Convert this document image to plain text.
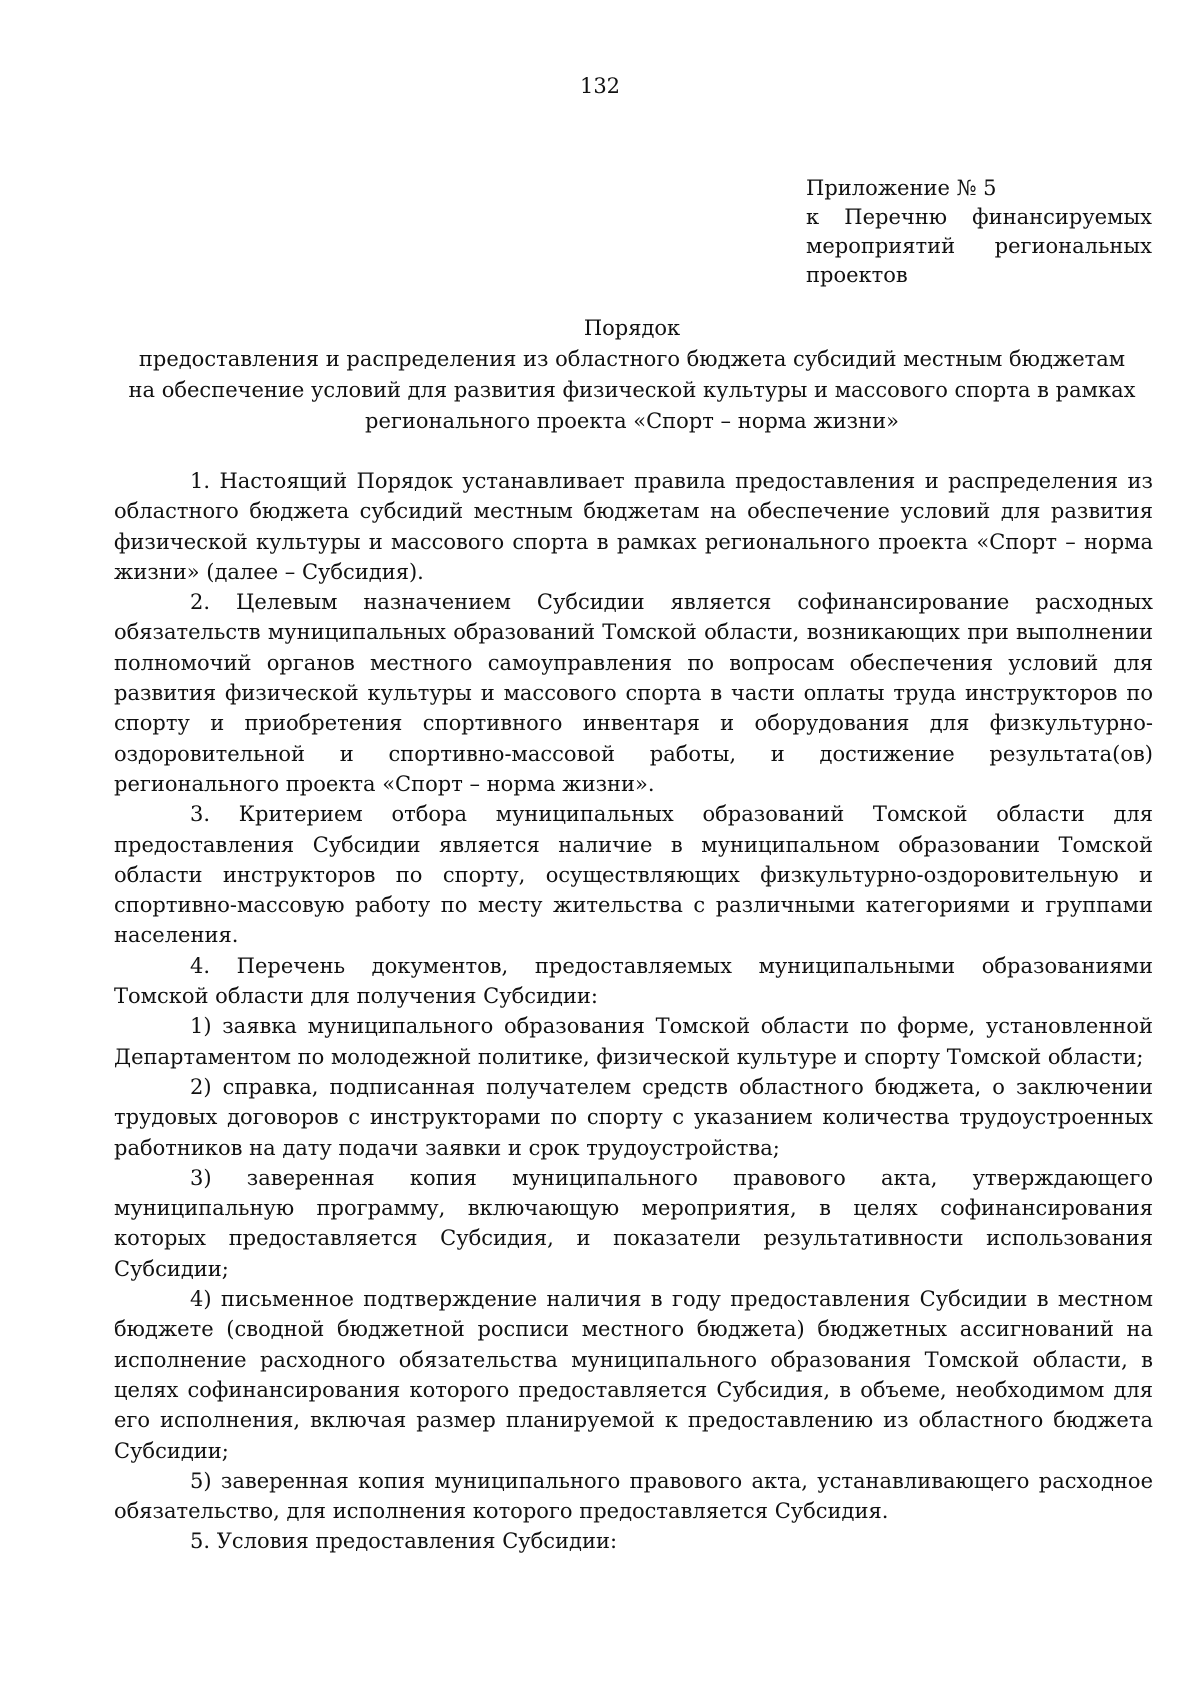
132
Приложение № 5
к Перечню финансируемых
мероприятий региональных
проектов
Порядок
предоставления и распределения из областного бюджета субсидий местным бюджетам
на обеспечение условий для развития физической культуры и массового спорта в рамках
регионального проекта «Спорт – норма жизни»

1. Настоящий Порядок устанавливает правила предоставления и распределения из областного бюджета субсидий местным бюджетам на обеспечение условий для развития физической культуры и массового спорта в рамках регионального проекта «Спорт – норма жизни» (далее – Субсидия).

2. Целевым назначением Субсидии является софинансирование расходных обязательств муниципальных образований Томской области, возникающих при выполнении полномочий органов местного самоуправления по вопросам обеспечения условий для развития физической культуры и массового спорта в части оплаты труда инструкторов по спорту и приобретения спортивного инвентаря и оборудования для физкультурно-оздоровительной и спортивно-массовой работы, и достижение результата(ов) регионального проекта «Спорт – норма жизни».

3. Критерием отбора муниципальных образований Томской области для предоставления Субсидии является наличие в муниципальном образовании Томской области инструкторов по спорту, осуществляющих физкультурно-оздоровительную и спортивно-массовую работу по месту жительства с различными категориями и группами населения.

4. Перечень документов, предоставляемых муниципальными образованиями Томской области для получения Субсидии:

1) заявка муниципального образования Томской области по форме, установленной Департаментом по молодежной политике, физической культуре и спорту Томской области;

2) справка, подписанная получателем средств областного бюджета, о заключении трудовых договоров с инструкторами по спорту с указанием количества трудоустроенных работников на дату подачи заявки и срок трудоустройства;

3) заверенная копия муниципального правового акта, утверждающего муниципальную программу, включающую мероприятия, в целях софинансирования которых предоставляется Субсидия, и показатели результативности использования Субсидии;

4) письменное подтверждение наличия в году предоставления Субсидии в местном бюджете (сводной бюджетной росписи местного бюджета) бюджетных ассигнований на исполнение расходного обязательства муниципального образования Томской области, в целях софинансирования которого предоставляется Субсидия, в объеме, необходимом для его исполнения, включая размер планируемой к предоставлению из областного бюджета Субсидии;

5) заверенная копия муниципального правового акта, устанавливающего расходное обязательство, для исполнения которого предоставляется Субсидия.

5. Условия предоставления Субсидии:
